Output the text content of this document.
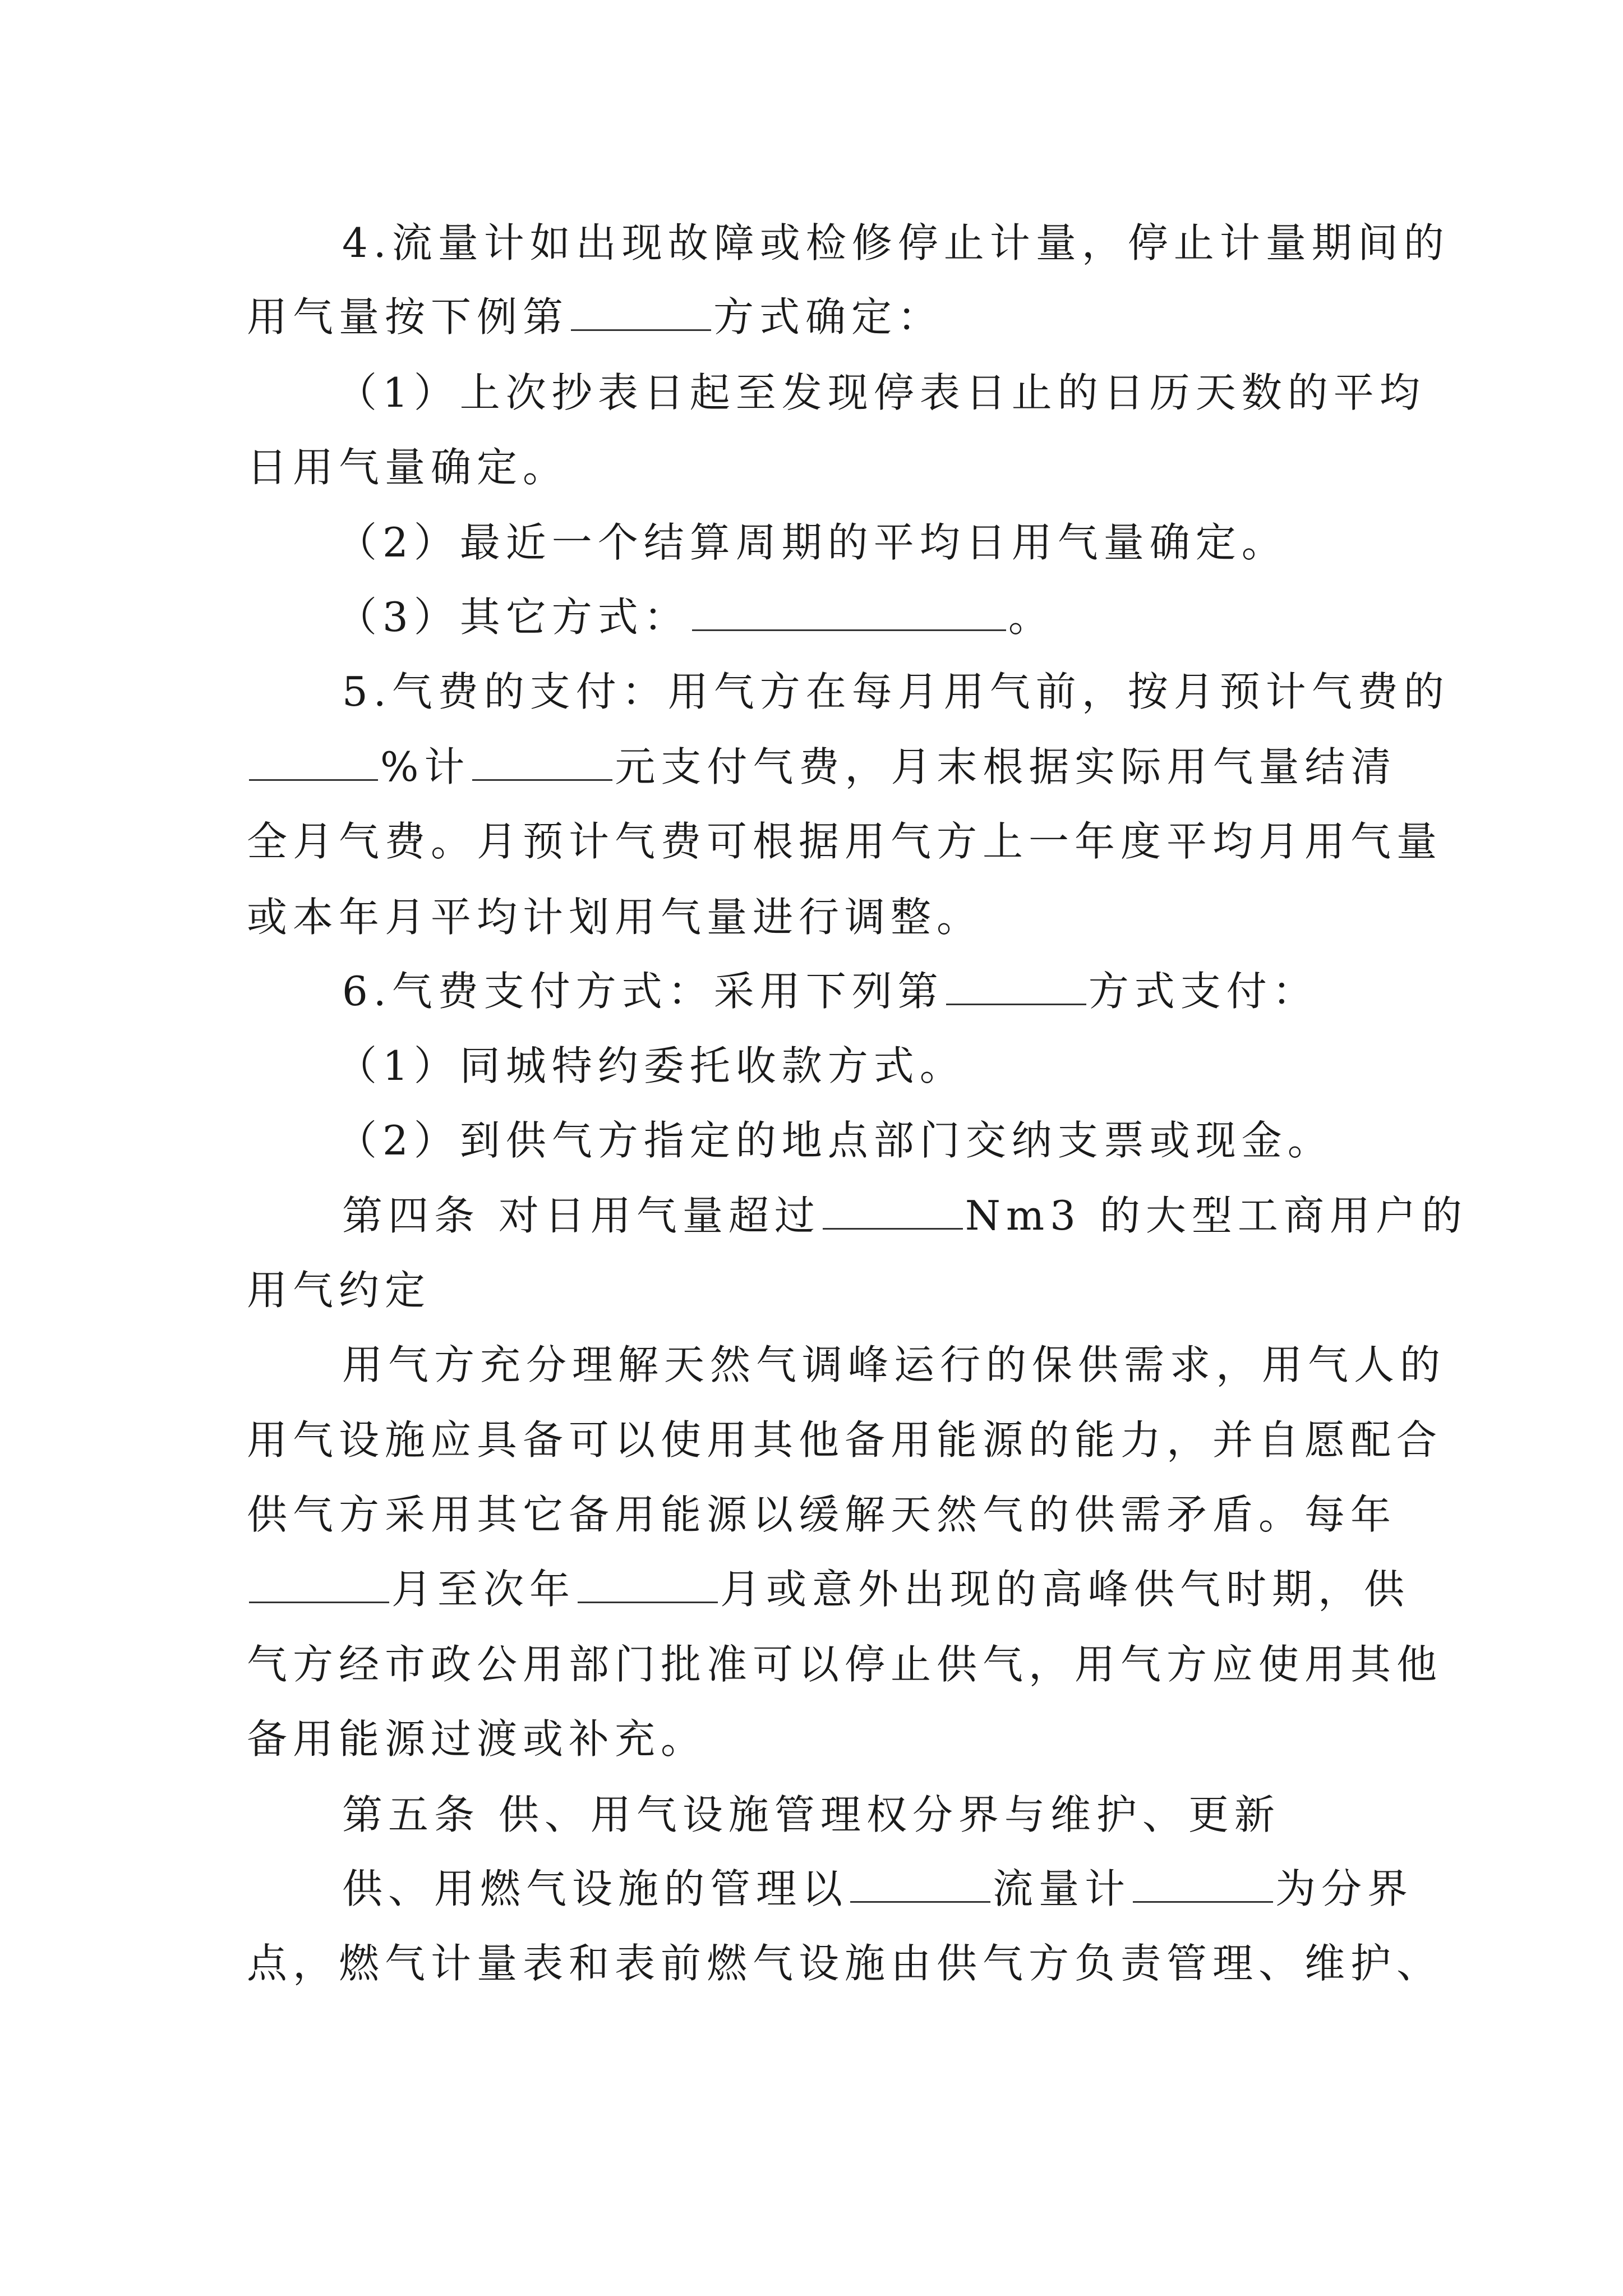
4.流量计如出现故障或检修停止计量，停止计量期间的
用气量按下例第	方式确定：
（1）上次抄表日起至发现停表日止的日历天数的平均
日用气量确定。
（2）最近一个结算周期的平均日用气量确定。
（3）其它方式：	。
5.气费的支付：用气方在每月用气前，按月预计气费的
%计	元支付气费，月末根据实际用气量结清
全月气费。月预计气费可根据用气方上一年度平均月用气量
或本年月平均计划用气量进行调整。
6.气费支付方式：采用下列第	方式支付：
（1）同城特约委托收款方式。
（2）到供气方指定的地点部门交纳支票或现金。
第四条 对日用气量超过	Nm3 的大型工商用户的
用气约定
用气方充分理解天然气调峰运行的保供需求，用气人的
用气设施应具备可以使用其他备用能源的能力，并自愿配合
供气方采用其它备用能源以缓解天然气的供需矛盾。每年
月至次年	月或意外出现的高峰供气时期，供
气方经市政公用部门批准可以停止供气，用气方应使用其他
备用能源过渡或补充。
第五条 供、用气设施管理权分界与维护、更新
供、用燃气设施的管理以	流量计	为分界
点，燃气计量表和表前燃气设施由供气方负责管理、维护、
